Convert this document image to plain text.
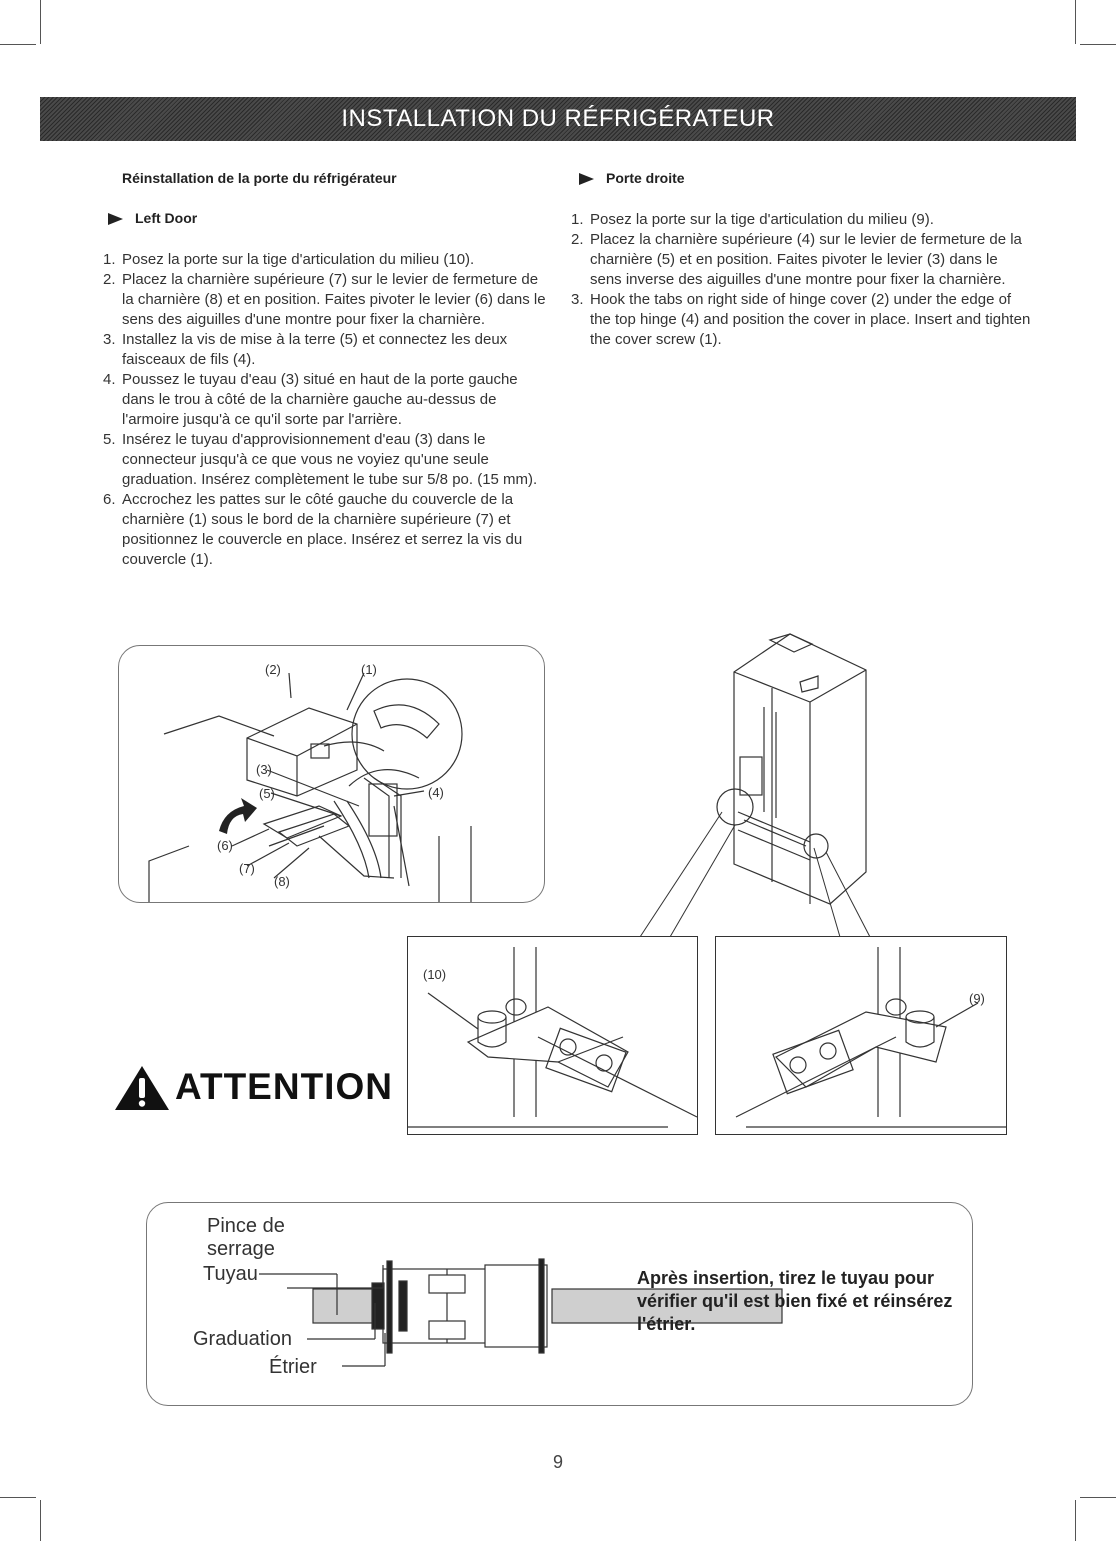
INSTALLATION DU RÉFRIGÉRATEUR
Réinstallation de la porte du réfrigérateur
Left Door
1. Posez la porte sur la tige d'articulation du milieu (10).
2. Placez la charnière supérieure (7) sur le levier de fermeture de la charnière (8) et en position. Faites pivoter le levier (6) dans le sens des aiguilles d'une montre pour fixer la charnière.
3. Installez la vis de mise à la terre (5) et connectez les deux faisceaux de fils (4).
4. Poussez le tuyau d'eau (3) situé en haut de la porte gauche dans le trou à côté de la charnière gauche au-dessus de l'armoire jusqu'à ce qu'il sorte par l'arrière.
5. Insérez le tuyau d'approvisionnement d'eau (3) dans le connecteur jusqu'à ce que vous ne voyiez qu'une seule graduation. Insérez complètement le tube sur 5/8 po. (15 mm).
6. Accrochez les pattes sur le côté gauche du couvercle de la charnière (1) sous le bord de la charnière supérieure (7) et positionnez le couvercle en place. Insérez et serrez la vis du couvercle (1).
Porte droite
1. Posez la porte sur la tige d'articulation du milieu (9).
2. Placez la charnière supérieure (4) sur le levier de fermeture de la charnière (5) et en position. Faites pivoter le levier (3) dans le sens inverse des aiguilles d'une montre pour fixer la charnière.
3. Hook the tabs on right side of hinge cover (2) under the edge of the top hinge (4) and position the cover in place. Insert and tighten the cover screw (1).
(2)	(1)
(3)
(5)	(4)
(6)
(7)
(8)
(10)
(9)
ATTENTION
Pince de serrage
Tuyau
Graduation
Étrier
Après insertion, tirez le tuyau pour vérifier qu'il est bien fixé et réinsérez l'étrier.
9
